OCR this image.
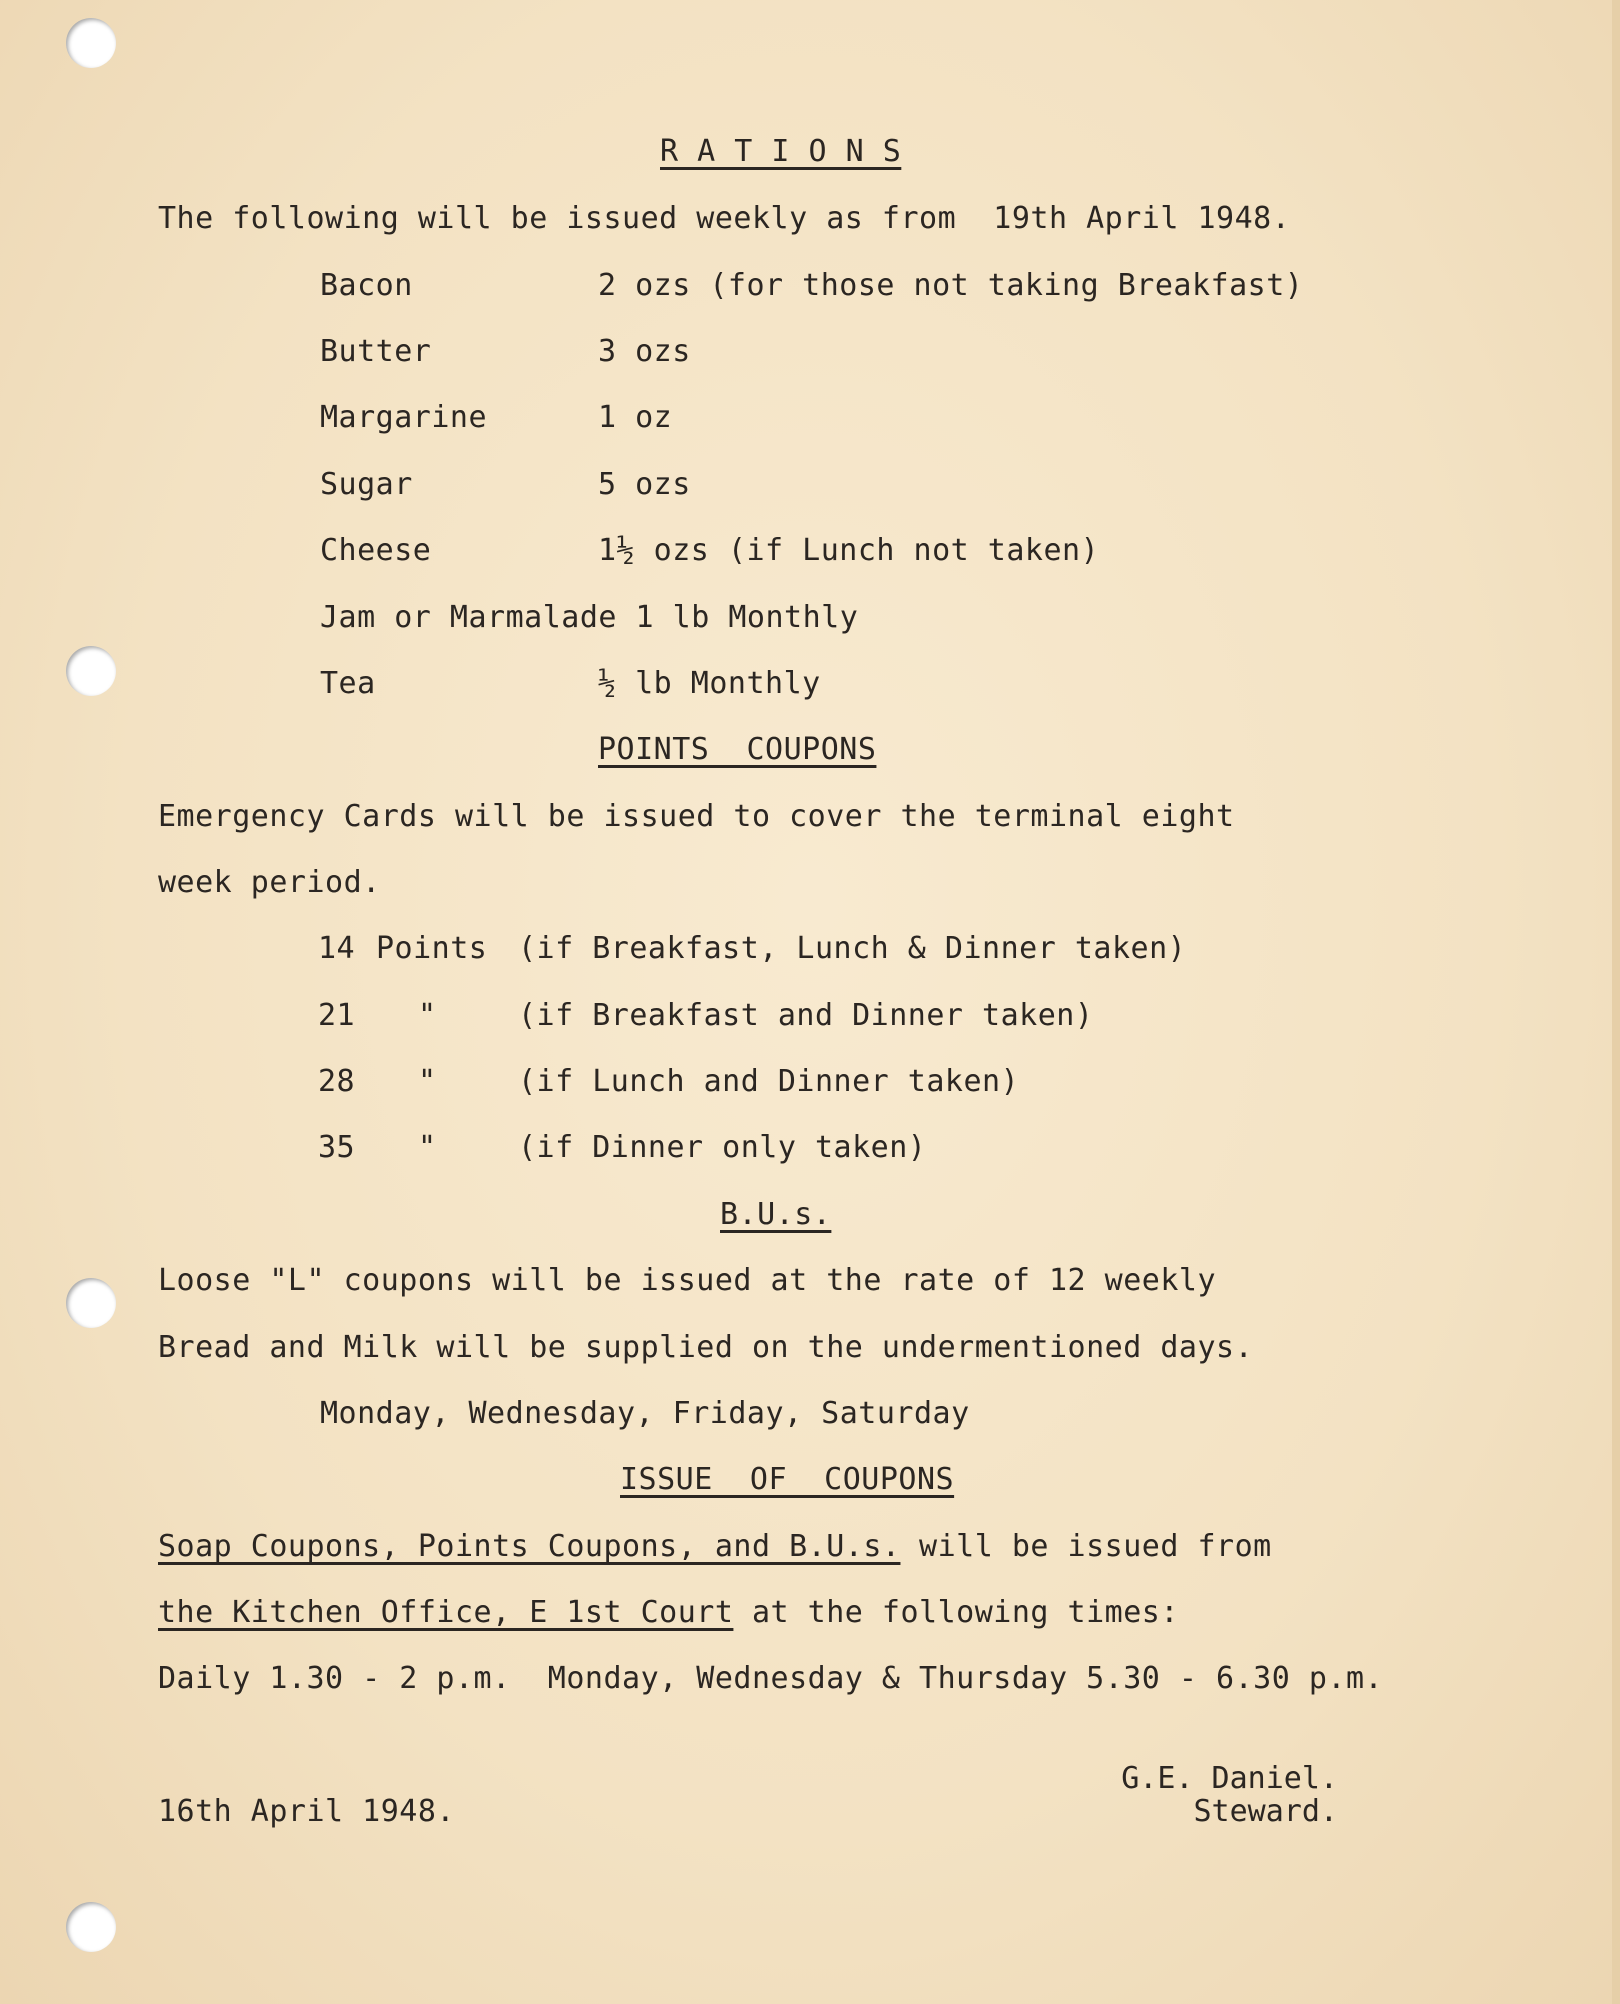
R A T I O N S
The following will be issued weekly as from  19th April 1948.
Bacon	2 ozs (for those not taking Breakfast)
Butter	3 ozs
Margarine	1 oz
Sugar	5 ozs
Cheese	1½ ozs (if Lunch not taken)
Jam or Marmalade 1 lb Monthly
Tea	½ lb Monthly
POINTS  COUPONS
Emergency Cards will be issued to cover the terminal eight
week period.
14 Points (if Breakfast, Lunch & Dinner taken)
21 "	(if Breakfast and Dinner taken)
28 "	(if Lunch and Dinner taken)
35 "	(if Dinner only taken)
B.U.s.
Loose "L" coupons will be issued at the rate of 12 weekly
Bread and Milk will be supplied on the undermentioned days.
Monday, Wednesday, Friday, Saturday
ISSUE  OF  COUPONS
Soap Coupons, Points Coupons, and B.U.s. will be issued from
the Kitchen Office, E 1st Court at the following times:
Daily 1.30 - 2 p.m.  Monday, Wednesday & Thursday 5.30 - 6.30 p.m.
16th April 1948.
G.E. Daniel.
Steward.
